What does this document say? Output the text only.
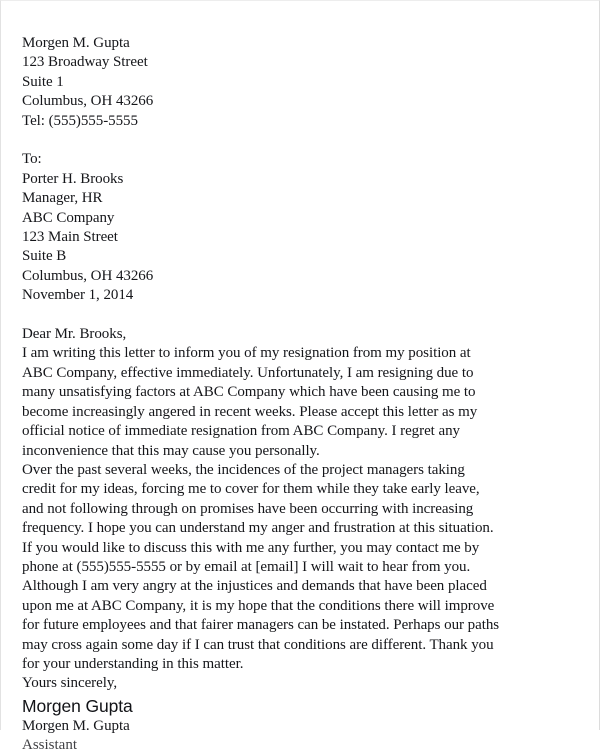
Morgen M. Gupta
123 Broadway Street
Suite 1
Columbus, OH 43266
Tel: (555)555-5555
To:
Porter H. Brooks
Manager, HR
ABC Company
123 Main Street
Suite B
Columbus, OH 43266
November 1, 2014
Dear Mr. Brooks,
I am writing this letter to inform you of my resignation from my position at
ABC Company, effective immediately. Unfortunately, I am resigning due to
many unsatisfying factors at ABC Company which have been causing me to
become increasingly angered in recent weeks. Please accept this letter as my
official notice of immediate resignation from ABC Company. I regret any
inconvenience that this may cause you personally.
Over the past several weeks, the incidences of the project managers taking
credit for my ideas, forcing me to cover for them while they take early leave,
and not following through on promises have been occurring with increasing
frequency. I hope you can understand my anger and frustration at this situation.
If you would like to discuss this with me any further, you may contact me by
phone at (555)555-5555 or by email at [email] I will wait to hear from you.
Although I am very angry at the injustices and demands that have been placed
upon me at ABC Company, it is my hope that the conditions there will improve
for future employees and that fairer managers can be instated. Perhaps our paths
may cross again some day if I can trust that conditions are different. Thank you
for your understanding in this matter.
Yours sincerely,
Morgen Gupta
Morgen M. Gupta
Assistant
